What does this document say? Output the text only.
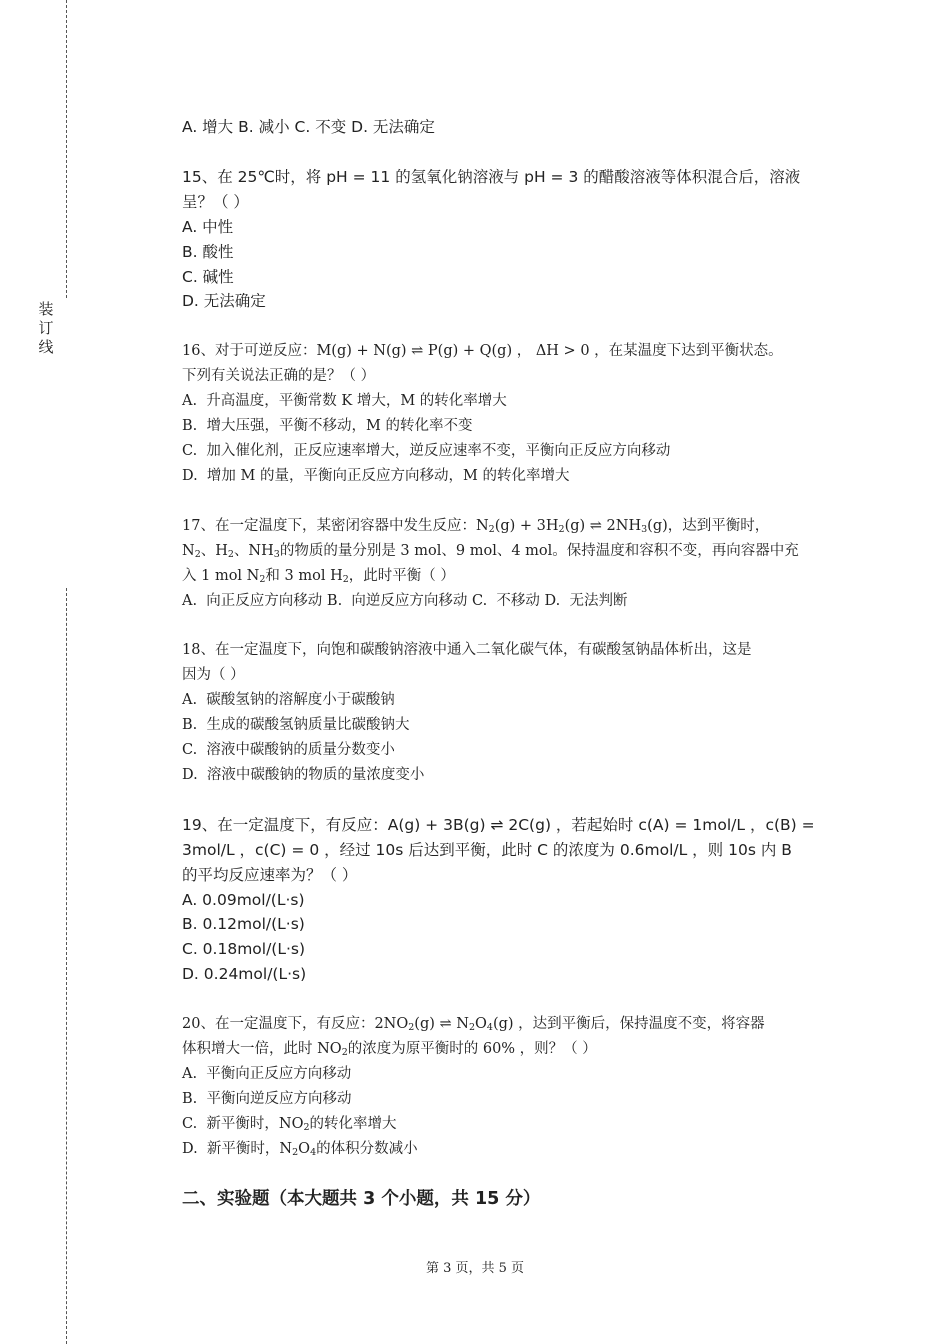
装
订
线
A. 增大 B. 减小 C. 不变 D. 无法确定
15、在 25℃时，将 pH = 11 的氢氧化钠溶液与 pH = 3 的醋酸溶液等体积混合后，溶液
呈？（ ）
A. 中性
B. 酸性
C. 碱性
D. 无法确定
16、对于可逆反应：M(g) + N(g) ⇌ P(g) + Q(g) ， ΔH > 0 ，在某温度下达到平衡状态。
下列有关说法正确的是？（ ）
A.  升高温度，平衡常数 K 增大，M 的转化率增大
B.  增大压强，平衡不移动，M 的转化率不变
C.  加入催化剂，正反应速率增大，逆反应速率不变，平衡向正反应方向移动
D.  增加 M 的量，平衡向正反应方向移动，M 的转化率增大
17、在一定温度下，某密闭容器中发生反应：$N_2(g) + 3H_2(g)$ ⇌ $2NH_3(g)$，达到平衡时，
$N_2$、$H_2$、$NH_3$的物质的量分别是 3 mol、9 mol、4 mol。保持温度和容积不变，再向容器中充
入 1 mol $N_2$和 3 mol $H_2$，此时平衡（ ）
A.  向正反应方向移动 B.  向逆反应方向移动 C.  不移动 D.  无法判断
18、在一定温度下，向饱和碳酸钠溶液中通入二氧化碳气体，有碳酸氢钠晶体析出，这是
因为（ ）
A.  碳酸氢钠的溶解度小于碳酸钠
B.  生成的碳酸氢钠质量比碳酸钠大
C.  溶液中碳酸钠的质量分数变小
D.  溶液中碳酸钠的物质的量浓度变小
19、在一定温度下，有反应：A(g) + 3B(g) ⇌ 2C(g) ，若起始时 c(A) = 1mol/L ，c(B) =
3mol/L ，c(C) = 0 ，经过 10s 后达到平衡，此时 C 的浓度为 0.6mol/L ，则 10s 内 B
的平均反应速率为？（ ）
A. 0.09mol/(L·s)
B. 0.12mol/(L·s)
C. 0.18mol/(L·s)
D. 0.24mol/(L·s)
20、在一定温度下，有反应：$2NO_2(g)$ ⇌ $N_2O_4(g)$ ，达到平衡后，保持温度不变，将容器
体积增大一倍，此时 $NO_2$的浓度为原平衡时的 60% ，则？（ ）
A.  平衡向正反应方向移动
B.  平衡向逆反应方向移动
C.  新平衡时，$NO_2$的转化率增大
D.  新平衡时，$N_2O_4$的体积分数减小
二、实验题（本大题共 3 个小题，共 15 分）
第 3 页，共 5 页
